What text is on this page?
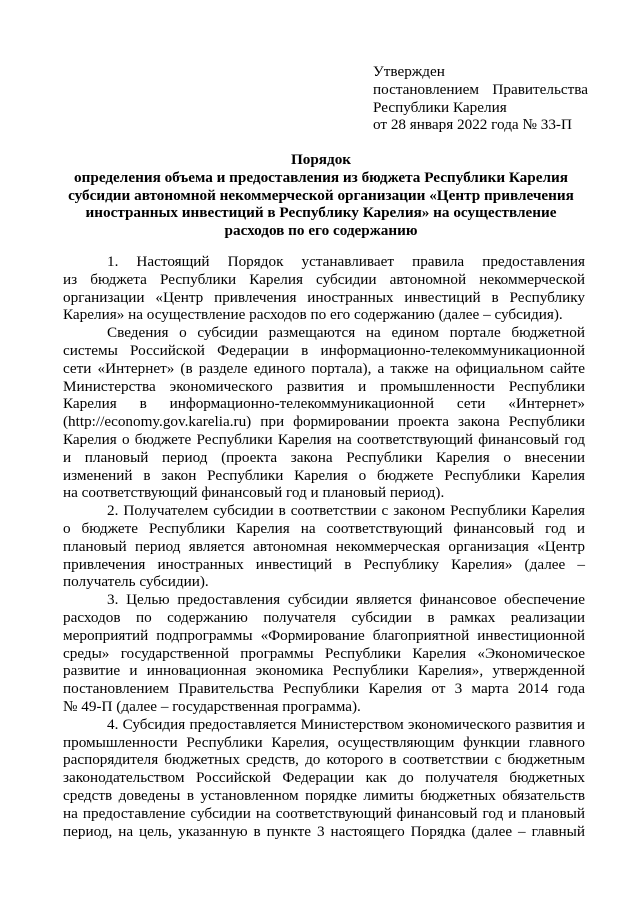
Утвержден
постановлением Правительства
Республики Карелия
от 28 января 2022 года № 33-П
Порядок
определения объема и предоставления из бюджета Республики Карелия
субсидии автономной некоммерческой организации «Центр привлечения
иностранных инвестиций в Республику Карелия» на осуществление
расходов по его содержанию
1. Настоящий Порядок устанавливает правила предоставления
из бюджета Республики Карелия субсидии автономной некоммерческой
организации «Центр привлечения иностранных инвестиций в Республику
Карелия» на осуществление расходов по его содержанию (далее – субсидия).
Сведения о субсидии размещаются на едином портале бюджетной
системы Российской Федерации в информационно-телекоммуникационной
сети «Интернет» (в разделе единого портала), а также на официальном сайте
Министерства экономического развития и промышленности Республики
Карелия в информационно-телекоммуникационной сети «Интернет»
(http://economy.gov.karelia.ru) при формировании проекта закона Республики
Карелия о бюджете Республики Карелия на соответствующий финансовый год
и плановый период (проекта закона Республики Карелия о внесении
изменений в закон Республики Карелия о бюджете Республики Карелия
на соответствующий финансовый год и плановый период).
2. Получателем субсидии в соответствии с законом Республики Карелия
о бюджете Республики Карелия на соответствующий финансовый год и
плановый период является автономная некоммерческая организация «Центр
привлечения иностранных инвестиций в Республику Карелия» (далее –
получатель субсидии).
3. Целью предоставления субсидии является финансовое обеспечение
расходов по содержанию получателя субсидии в рамках реализации
мероприятий подпрограммы «Формирование благоприятной инвестиционной
среды» государственной программы Республики Карелия «Экономическое
развитие и инновационная экономика Республики Карелия», утвержденной
постановлением Правительства Республики Карелия от 3 марта 2014 года
№ 49-П (далее – государственная программа).
4. Субсидия предоставляется Министерством экономического развития и
промышленности Республики Карелия, осуществляющим функции главного
распорядителя бюджетных средств, до которого в соответствии с бюджетным
законодательством Российской Федерации как до получателя бюджетных
средств доведены в установленном порядке лимиты бюджетных обязательств
на предоставление субсидии на соответствующий финансовый год и плановый
период, на цель, указанную в пункте 3 настоящего Порядка (далее – главный
